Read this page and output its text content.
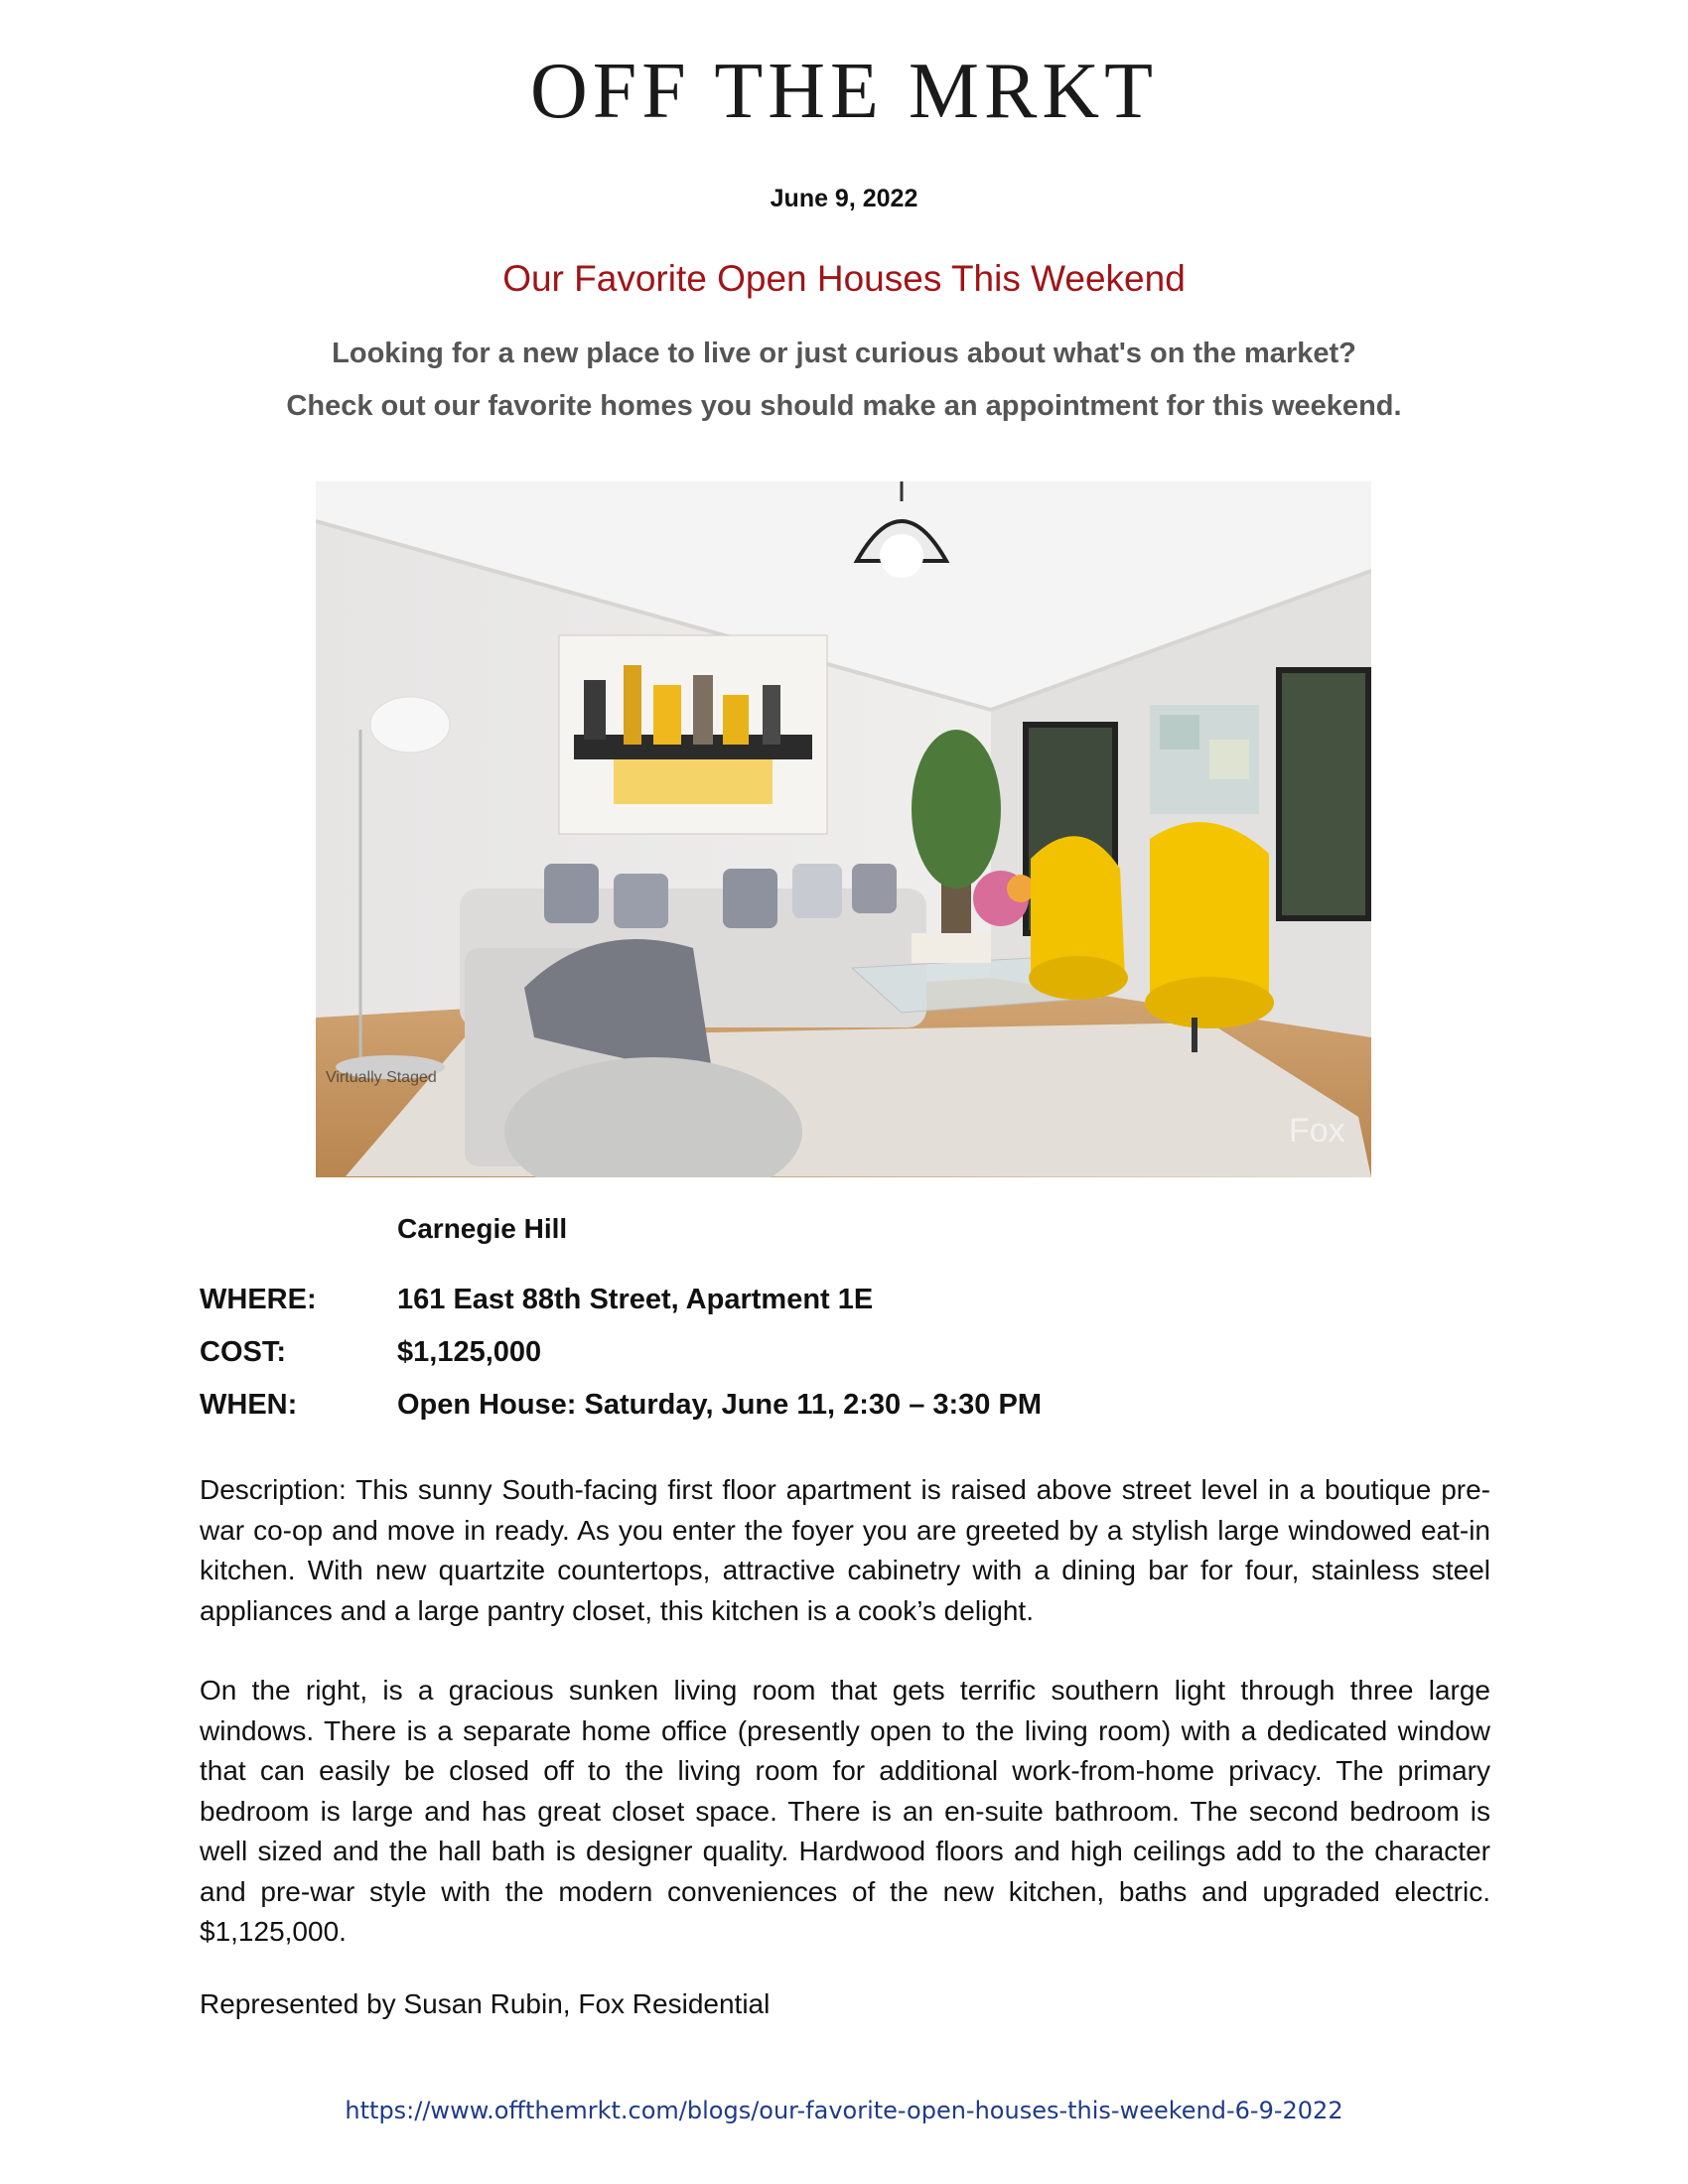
OFF THE MRKT
June 9, 2022
Our Favorite Open Houses This Weekend
Looking for a new place to live or just curious about what's on the market?
Check out our favorite homes you should make an appointment for this weekend.
Virtually Staged
Fox
Carnegie Hill
WHERE:	161 East 88th Street, Apartment 1E
COST:	$1,125,000
WHEN:	Open House: Saturday, June 11, 2:30 – 3:30 PM
Description: This sunny South-facing first floor apartment is raised above street level in a boutique pre-war co-op and move in ready. As you enter the foyer you are greeted by a stylish large windowed eat-in kitchen. With new quartzite countertops, attractive cabinetry with a dining bar for four, stainless steel appliances and a large pantry closet, this kitchen is a cook’s delight.
On the right, is a gracious sunken living room that gets terrific southern light through three large windows. There is a separate home office (presently open to the living room) with a dedicated window that can easily be closed off to the living room for additional work-from-home privacy. The primary bedroom is large and has great closet space. There is an en-suite bathroom. The second bedroom is well sized and the hall bath is designer quality. Hardwood floors and high ceilings add to the character and pre-war style with the modern conveniences of the new kitchen, baths and upgraded electric. $1,125,000.
Represented by Susan Rubin, Fox Residential
https://www.offthemrkt.com/blogs/our-favorite-open-houses-this-weekend-6-9-2022
